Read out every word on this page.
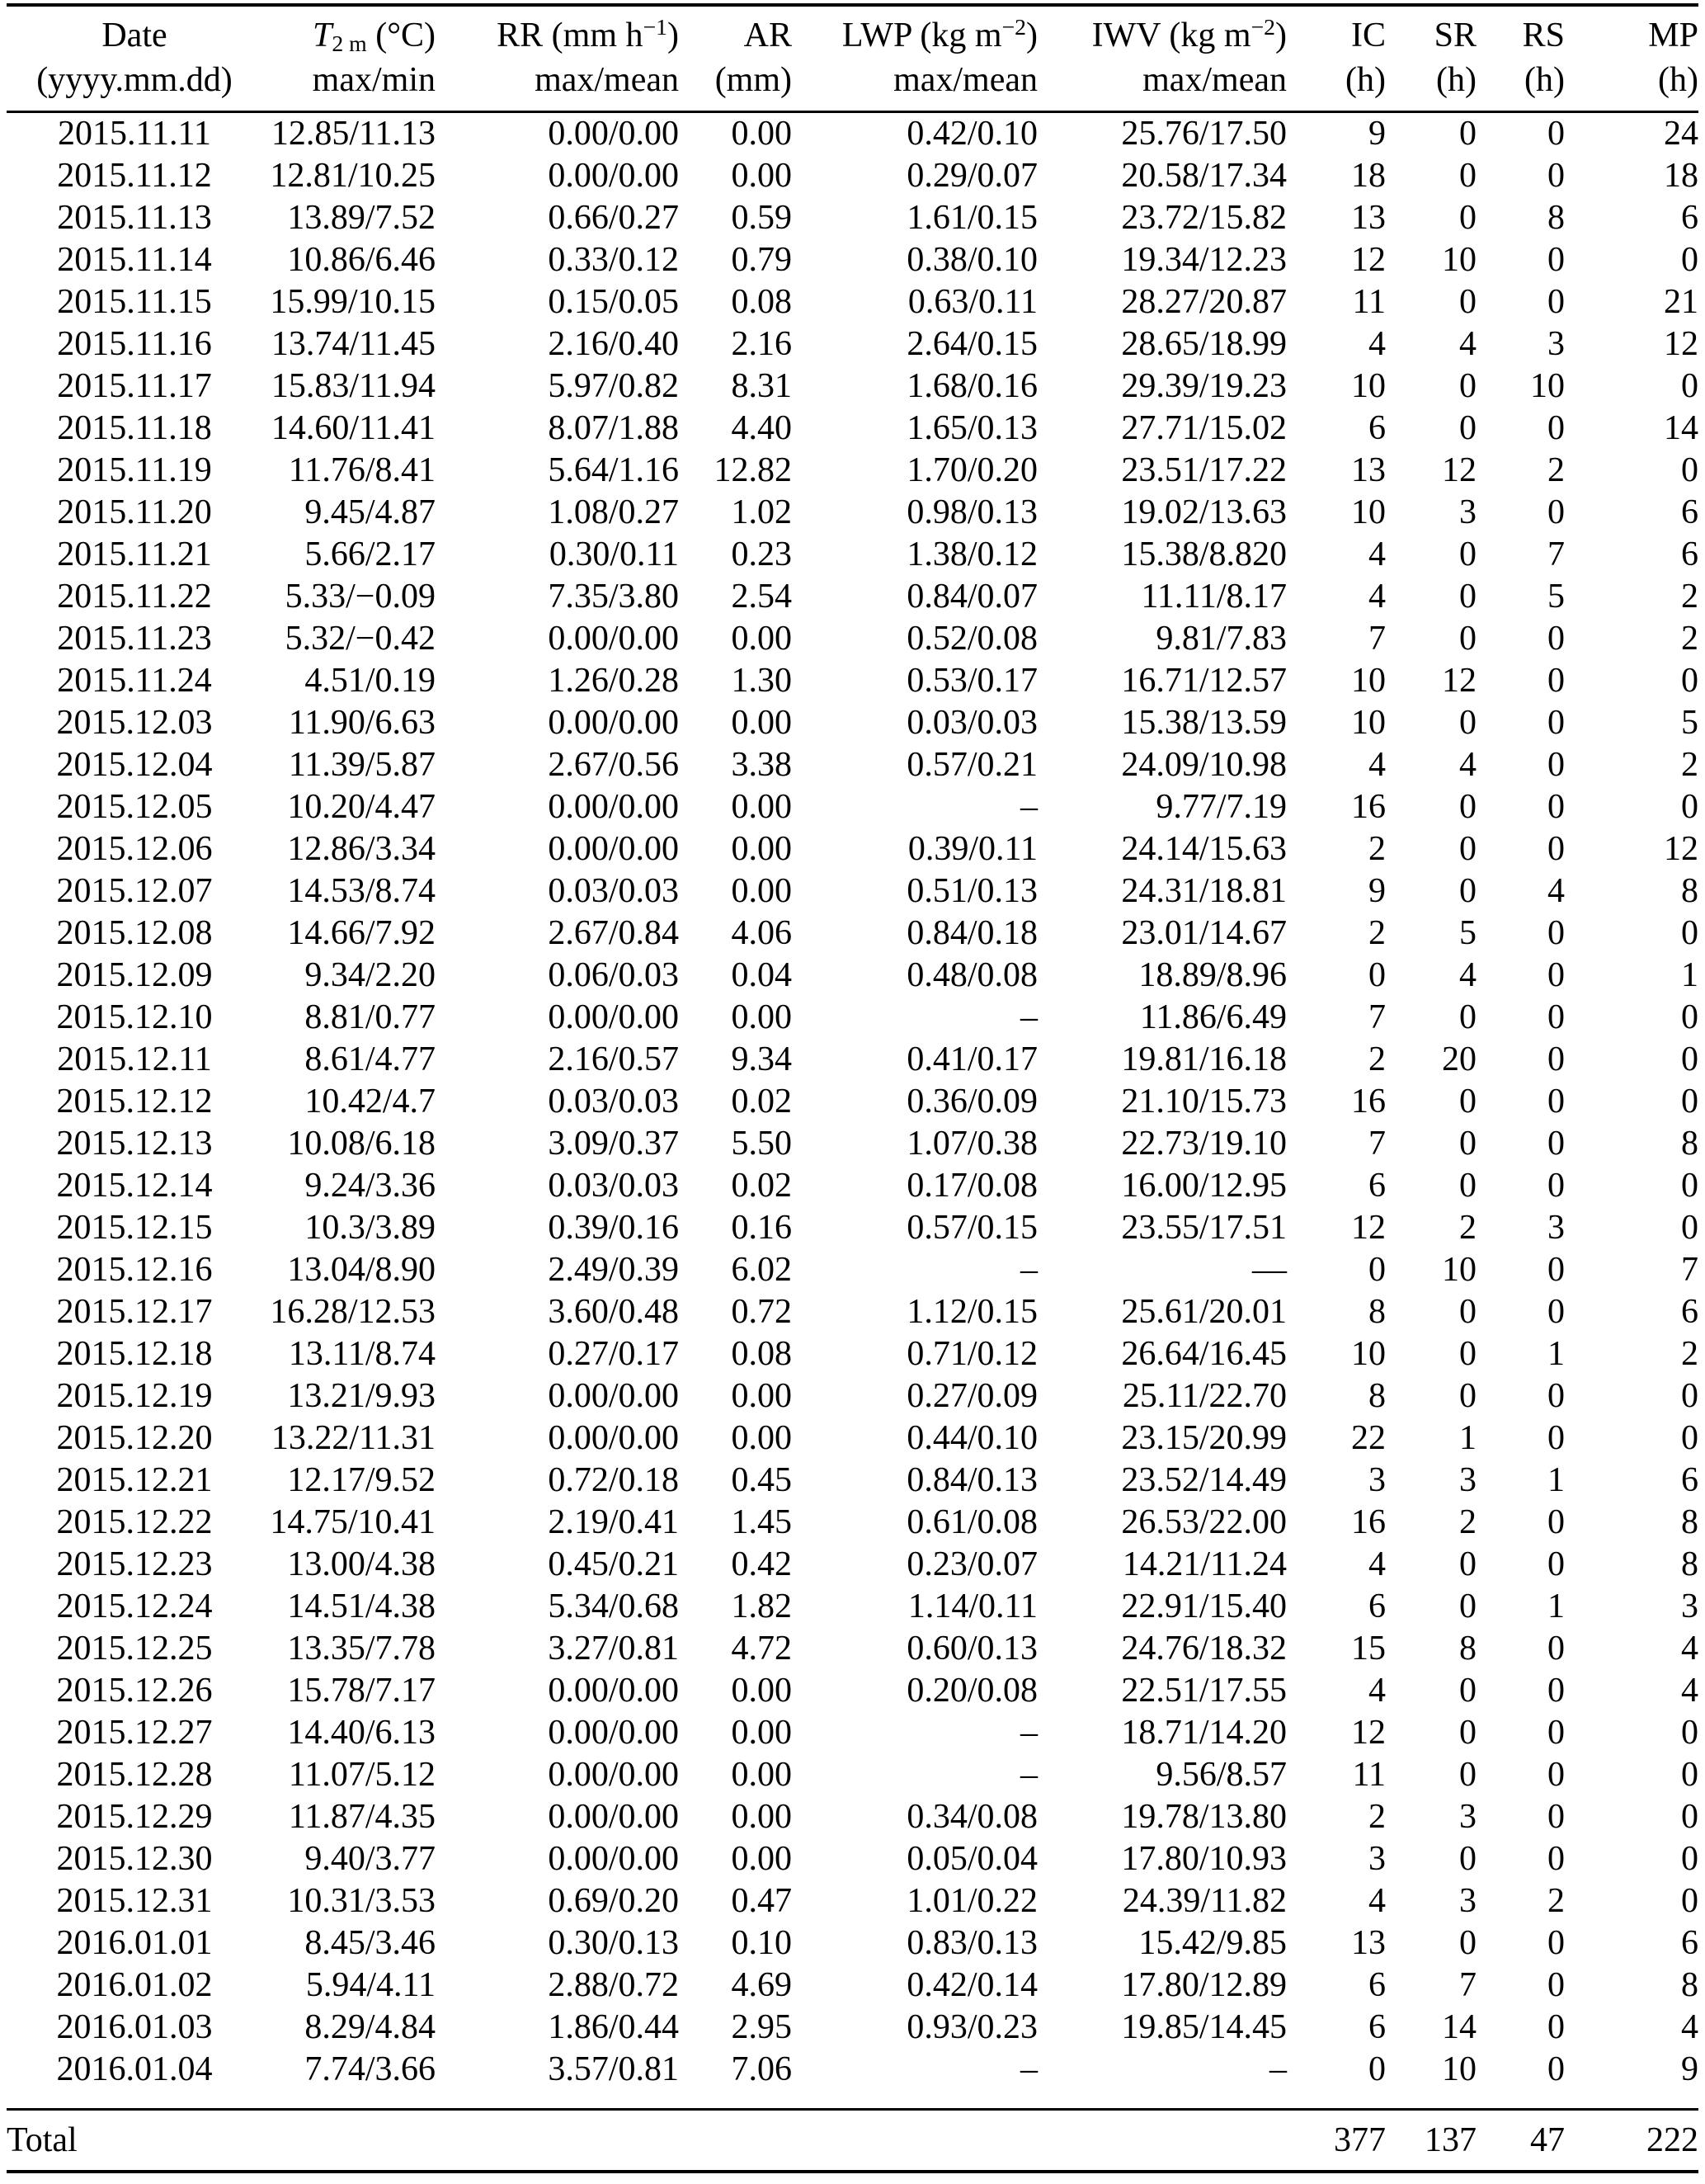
Date	$T_{2 m}$ (°C)	RR (mm $h^{-1}$)	AR	LWP (kg $m^{-2}$)	IWV (kg $m^{-2}$)	IC	SR	RS	MP
(yyyy.mm.dd)	max/min	max/mean	(mm)	max/mean	max/mean	(h)	(h)	(h)	(h)
2015.11.11	12.85/11.13	0.00/0.00	0.00	0.42/0.10	25.76/17.50	9	0	0	24
2015.11.12	12.81/10.25	0.00/0.00	0.00	0.29/0.07	20.58/17.34	18	0	0	18
2015.11.13	13.89/7.52	0.66/0.27	0.59	1.61/0.15	23.72/15.82	13	0	8	6
2015.11.14	10.86/6.46	0.33/0.12	0.79	0.38/0.10	19.34/12.23	12	10	0	0
2015.11.15	15.99/10.15	0.15/0.05	0.08	0.63/0.11	28.27/20.87	11	0	0	21
2015.11.16	13.74/11.45	2.16/0.40	2.16	2.64/0.15	28.65/18.99	4	4	3	12
2015.11.17	15.83/11.94	5.97/0.82	8.31	1.68/0.16	29.39/19.23	10	0	10	0
2015.11.18	14.60/11.41	8.07/1.88	4.40	1.65/0.13	27.71/15.02	6	0	0	14
2015.11.19	11.76/8.41	5.64/1.16	12.82	1.70/0.20	23.51/17.22	13	12	2	0
2015.11.20	9.45/4.87	1.08/0.27	1.02	0.98/0.13	19.02/13.63	10	3	0	6
2015.11.21	5.66/2.17	0.30/0.11	0.23	1.38/0.12	15.38/8.820	4	0	7	6
2015.11.22	5.33/−0.09	7.35/3.80	2.54	0.84/0.07	11.11/8.17	4	0	5	2
2015.11.23	5.32/−0.42	0.00/0.00	0.00	0.52/0.08	9.81/7.83	7	0	0	2
2015.11.24	4.51/0.19	1.26/0.28	1.30	0.53/0.17	16.71/12.57	10	12	0	0
2015.12.03	11.90/6.63	0.00/0.00	0.00	0.03/0.03	15.38/13.59	10	0	0	5
2015.12.04	11.39/5.87	2.67/0.56	3.38	0.57/0.21	24.09/10.98	4	4	0	2
2015.12.05	10.20/4.47	0.00/0.00	0.00	–	9.77/7.19	16	0	0	0
2015.12.06	12.86/3.34	0.00/0.00	0.00	0.39/0.11	24.14/15.63	2	0	0	12
2015.12.07	14.53/8.74	0.03/0.03	0.00	0.51/0.13	24.31/18.81	9	0	4	8
2015.12.08	14.66/7.92	2.67/0.84	4.06	0.84/0.18	23.01/14.67	2	5	0	0
2015.12.09	9.34/2.20	0.06/0.03	0.04	0.48/0.08	18.89/8.96	0	4	0	1
2015.12.10	8.81/0.77	0.00/0.00	0.00	–	11.86/6.49	7	0	0	0
2015.12.11	8.61/4.77	2.16/0.57	9.34	0.41/0.17	19.81/16.18	2	20	0	0
2015.12.12	10.42/4.7	0.03/0.03	0.02	0.36/0.09	21.10/15.73	16	0	0	0
2015.12.13	10.08/6.18	3.09/0.37	5.50	1.07/0.38	22.73/19.10	7	0	0	8
2015.12.14	9.24/3.36	0.03/0.03	0.02	0.17/0.08	16.00/12.95	6	0	0	0
2015.12.15	10.3/3.89	0.39/0.16	0.16	0.57/0.15	23.55/17.51	12	2	3	0
2015.12.16	13.04/8.90	2.49/0.39	6.02	–	—	0	10	0	7
2015.12.17	16.28/12.53	3.60/0.48	0.72	1.12/0.15	25.61/20.01	8	0	0	6
2015.12.18	13.11/8.74	0.27/0.17	0.08	0.71/0.12	26.64/16.45	10	0	1	2
2015.12.19	13.21/9.93	0.00/0.00	0.00	0.27/0.09	25.11/22.70	8	0	0	0
2015.12.20	13.22/11.31	0.00/0.00	0.00	0.44/0.10	23.15/20.99	22	1	0	0
2015.12.21	12.17/9.52	0.72/0.18	0.45	0.84/0.13	23.52/14.49	3	3	1	6
2015.12.22	14.75/10.41	2.19/0.41	1.45	0.61/0.08	26.53/22.00	16	2	0	8
2015.12.23	13.00/4.38	0.45/0.21	0.42	0.23/0.07	14.21/11.24	4	0	0	8
2015.12.24	14.51/4.38	5.34/0.68	1.82	1.14/0.11	22.91/15.40	6	0	1	3
2015.12.25	13.35/7.78	3.27/0.81	4.72	0.60/0.13	24.76/18.32	15	8	0	4
2015.12.26	15.78/7.17	0.00/0.00	0.00	0.20/0.08	22.51/17.55	4	0	0	4
2015.12.27	14.40/6.13	0.00/0.00	0.00	–	18.71/14.20	12	0	0	0
2015.12.28	11.07/5.12	0.00/0.00	0.00	–	9.56/8.57	11	0	0	0
2015.12.29	11.87/4.35	0.00/0.00	0.00	0.34/0.08	19.78/13.80	2	3	0	0
2015.12.30	9.40/3.77	0.00/0.00	0.00	0.05/0.04	17.80/10.93	3	0	0	0
2015.12.31	10.31/3.53	0.69/0.20	0.47	1.01/0.22	24.39/11.82	4	3	2	0
2016.01.01	8.45/3.46	0.30/0.13	0.10	0.83/0.13	15.42/9.85	13	0	0	6
2016.01.02	5.94/4.11	2.88/0.72	4.69	0.42/0.14	17.80/12.89	6	7	0	8
2016.01.03	8.29/4.84	1.86/0.44	2.95	0.93/0.23	19.85/14.45	6	14	0	4
2016.01.04	7.74/3.66	3.57/0.81	7.06	–	–	0	10	0	9
Total						377	137	47	222
